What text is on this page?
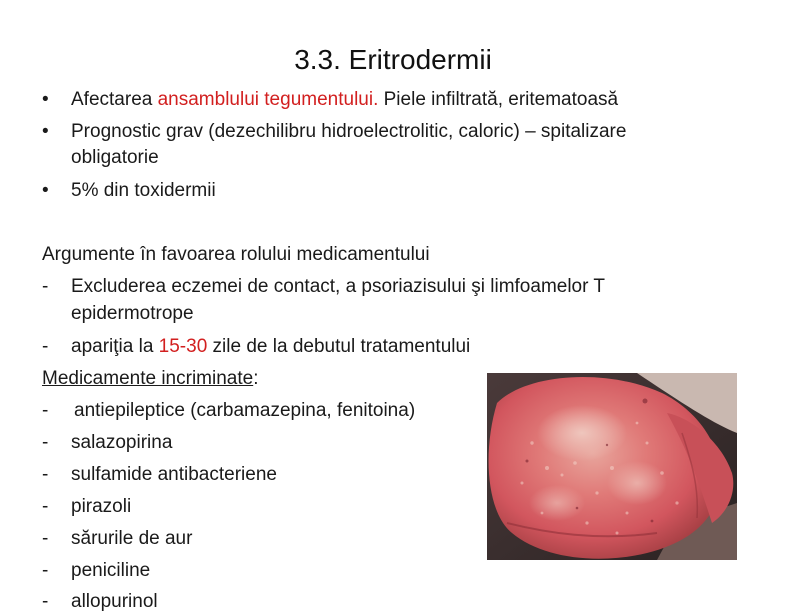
3.3. Eritrodermii
• Afectarea ansamblului tegumentului. Piele infiltrată, eritematoasă
• Prognostic grav (dezechilibru hidroelectrolitic, caloric) – spitalizare
obligatorie
• 5% din toxidermii
Argumente în favoarea rolului medicamentului
- Excluderea eczemei de contact, a psoriazisului şi limfoamelor T
epidermotrope
- apariţia la 15-30 zile de la debutul tratamentului
Medicamente incriminate:
- antiepileptice (carbamazepina, fenitoina)
- salazopirina
- sulfamide antibacteriene
- pirazoli
- sărurile de aur
- peniciline
- allopurinol
